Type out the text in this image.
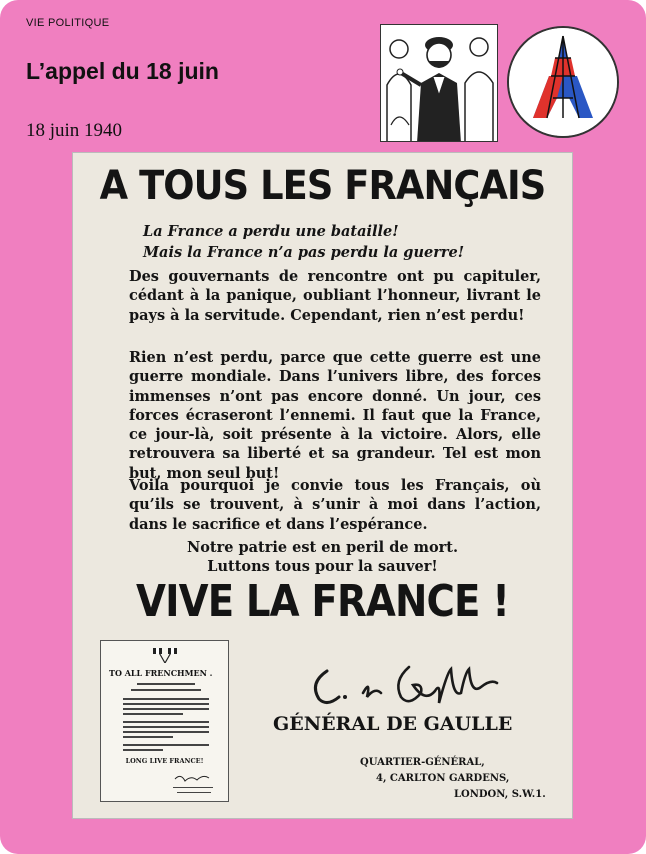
VIE POLITIQUE
L’appel du 18 juin
18 juin 1940
A TOUS LES FRANÇAIS
La France a perdu une bataille!
Mais la France n’a pas perdu la guerre!
Des gouvernants de rencontre ont pu capituler, cédant à la panique, oubliant l’honneur, livrant le pays à la servitude. Cependant, rien n’est perdu!
Rien n’est perdu, parce que cette guerre est une guerre mondiale. Dans l’univers libre, des forces immenses n’ont pas encore donné. Un jour, ces forces écraseront l’ennemi. Il faut que la France, ce jour-là, soit présente à la victoire. Alors, elle retrouvera sa liberté et sa grandeur. Tel est mon but, mon seul but!
Voila pourquoi je convie tous les Français, où qu’ils se trouvent, à s’unir à moi dans l’action, dans le sacrifice et dans l’espérance.
Notre patrie est en peril de mort.
Luttons tous pour la sauver!
VIVE LA FRANCE !
GÉNÉRAL DE GAULLE
QUARTIER-GÉNÉRAL,
4, CARLTON GARDENS,
LONDON, S.W.1.
TO ALL FRENCHMEN .
LONG LIVE FRANCE!
